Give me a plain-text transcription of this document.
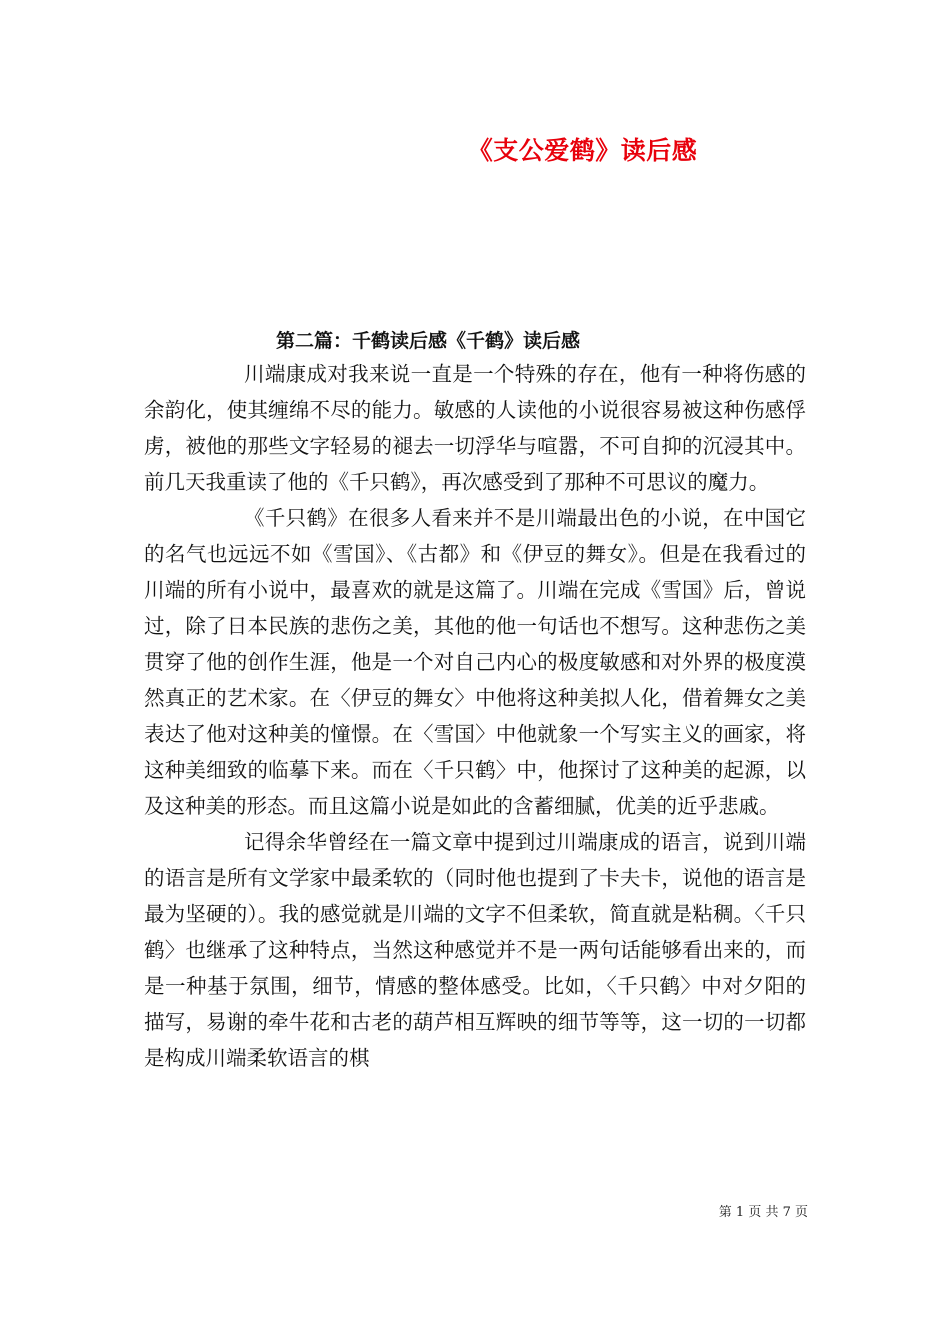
《支公爱鹤》读后感
第二篇：千鹤读后感《千鹤》读后感

川端康成对我来说一直是一个特殊的存在，他有一种将伤感的余韵化，使其缠绵不尽的能力。敏感的人读他的小说很容易被这种伤感俘虏，被他的那些文字轻易的褪去一切浮华与喧嚣，不可自抑的沉浸其中。前几天我重读了他的《千只鹤》，再次感受到了那种不可思议的魔力。

《千只鹤》在很多人看来并不是川端最出色的小说，在中国它的名气也远远不如《雪国》、《古都》和《伊豆的舞女》。但是在我看过的川端的所有小说中，最喜欢的就是这篇了。川端在完成《雪国》后，曾说过，除了日本民族的悲伤之美，其他的他一句话也不想写。这种悲伤之美贯穿了他的创作生涯，他是一个对自己内心的极度敏感和对外界的极度漠然真正的艺术家。在〈伊豆的舞女〉中他将这种美拟人化，借着舞女之美表达了他对这种美的憧憬。在〈雪国〉中他就象一个写实主义的画家，将这种美细致的临摹下来。而在〈千只鹤〉中，他探讨了这种美的起源，以及这种美的形态。而且这篇小说是如此的含蓄细腻，优美的近乎悲戚。

记得余华曾经在一篇文章中提到过川端康成的语言，说到川端的语言是所有文学家中最柔软的（同时他也提到了卡夫卡，说他的语言是最为坚硬的）。我的感觉就是川端的文字不但柔软，简直就是粘稠。〈千只鹤〉也继承了这种特点，当然这种感觉并不是一两句话能够看出来的，而是一种基于氛围，细节，情感的整体感受。比如，〈千只鹤〉中对夕阳的描写，易谢的牵牛花和古老的葫芦相互辉映的细节等等，这一切的一切都是构成川端柔软语言的棋

第 1 页 共 7 页
